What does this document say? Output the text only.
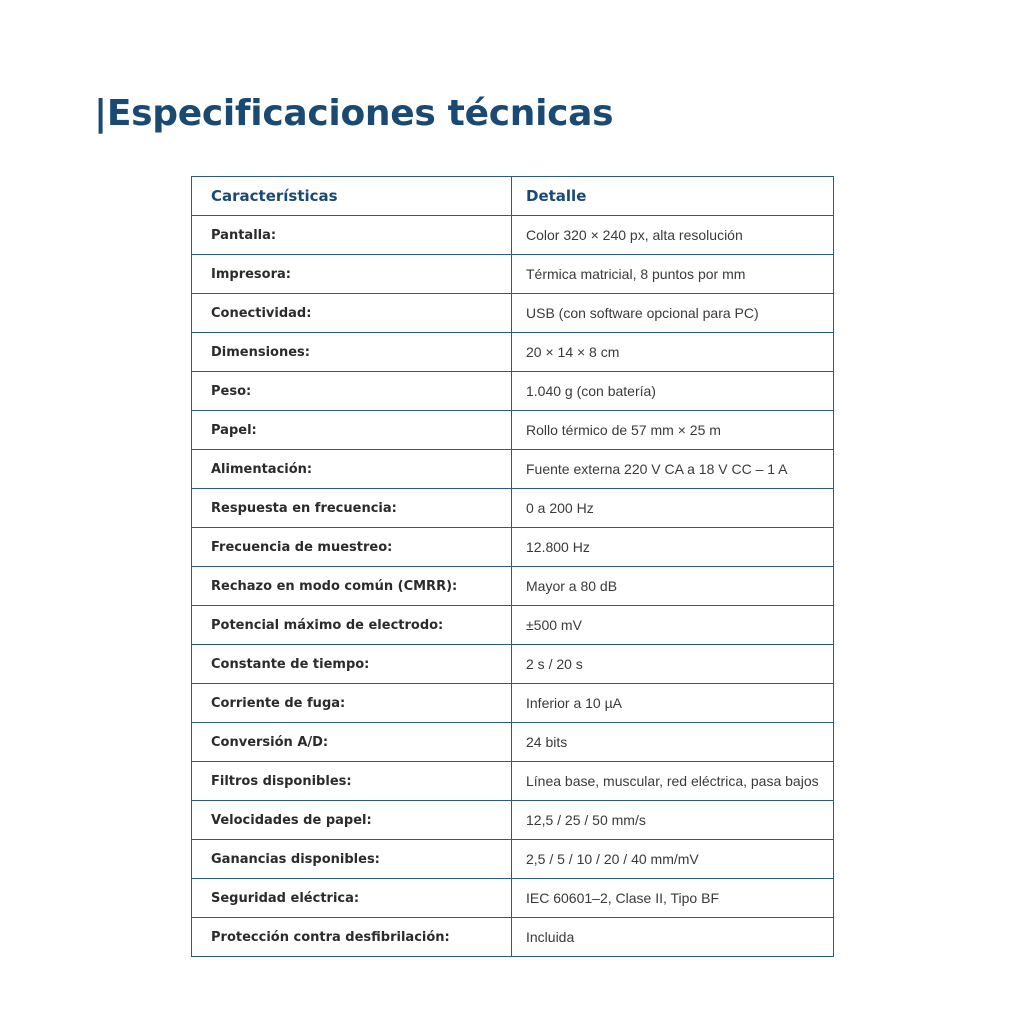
|Especificaciones técnicas
Características	Detalle
Pantalla:	Color 320 × 240 px, alta resolución
Impresora:	Térmica matricial, 8 puntos por mm
Conectividad:	USB (con software opcional para PC)
Dimensiones:	20 × 14 × 8 cm
Peso:	1.040 g (con batería)
Papel:	Rollo térmico de 57 mm × 25 m
Alimentación:	Fuente externa 220 V CA a 18 V CC – 1 A
Respuesta en frecuencia:	0 a 200 Hz
Frecuencia de muestreo:	12.800 Hz
Rechazo en modo común (CMRR):	Mayor a 80 dB
Potencial máximo de electrodo:	±500 mV
Constante de tiempo:	2 s / 20 s
Corriente de fuga:	Inferior a 10 µA
Conversión A/D:	24 bits
Filtros disponibles:	Línea base, muscular, red eléctrica, pasa bajos
Velocidades de papel:	12,5 / 25 / 50 mm/s
Ganancias disponibles:	2,5 / 5 / 10 / 20 / 40 mm/mV
Seguridad eléctrica:	IEC 60601–2, Clase II, Tipo BF
Protección contra desfibrilación:	Incluida
